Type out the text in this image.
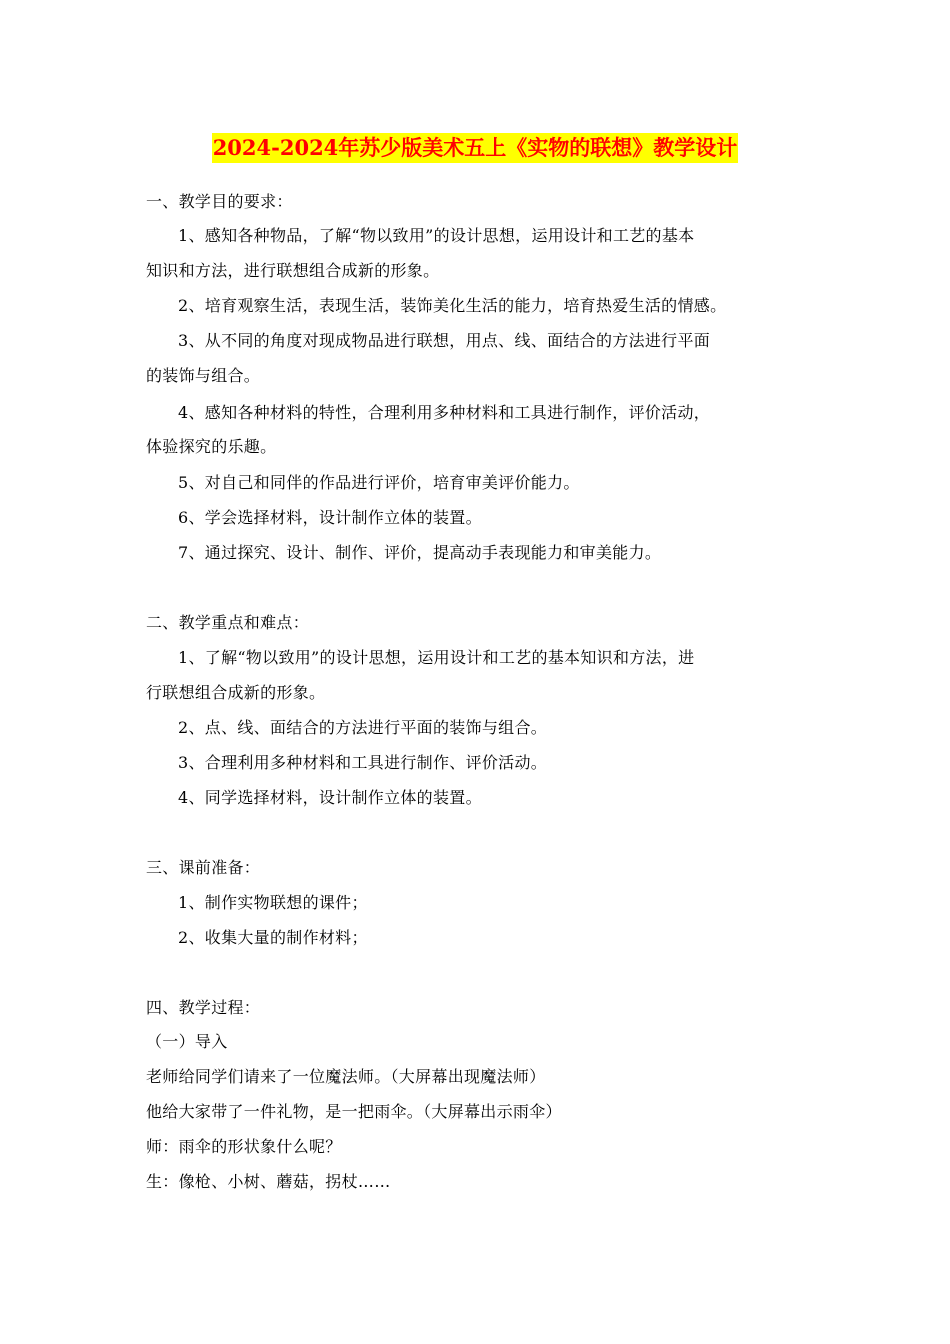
2024-2024年苏少版美术五上《实物的联想》教学设计
一、教学目的要求：
1、感知各种物品，了解“物以致用”的设计思想，运用设计和工艺的基本
知识和方法，进行联想组合成新的形象。
2、培育观察生活，表现生活，装饰美化生活的能力，培育热爱生活的情感。
3、从不同的角度对现成物品进行联想，用点、线、面结合的方法进行平面
的装饰与组合。
4、感知各种材料的特性，合理利用多种材料和工具进行制作，评价活动，
体验探究的乐趣。
5、对自己和同伴的作品进行评价，培育审美评价能力。
6、学会选择材料，设计制作立体的装置。
7、通过探究、设计、制作、评价，提高动手表现能力和审美能力。
二、教学重点和难点：
1、了解“物以致用”的设计思想，运用设计和工艺的基本知识和方法，进
行联想组合成新的形象。
2、点、线、面结合的方法进行平面的装饰与组合。
3、合理利用多种材料和工具进行制作、评价活动。
4、同学选择材料，设计制作立体的装置。
三、课前准备：
1、制作实物联想的课件；
2、收集大量的制作材料；
四、教学过程：
（一）导入
老师给同学们请来了一位魔法师。（大屏幕出现魔法师）
他给大家带了一件礼物，是一把雨伞。（大屏幕出示雨伞）
师：雨伞的形状象什么呢？
生：像枪、小树、蘑菇，拐杖……
